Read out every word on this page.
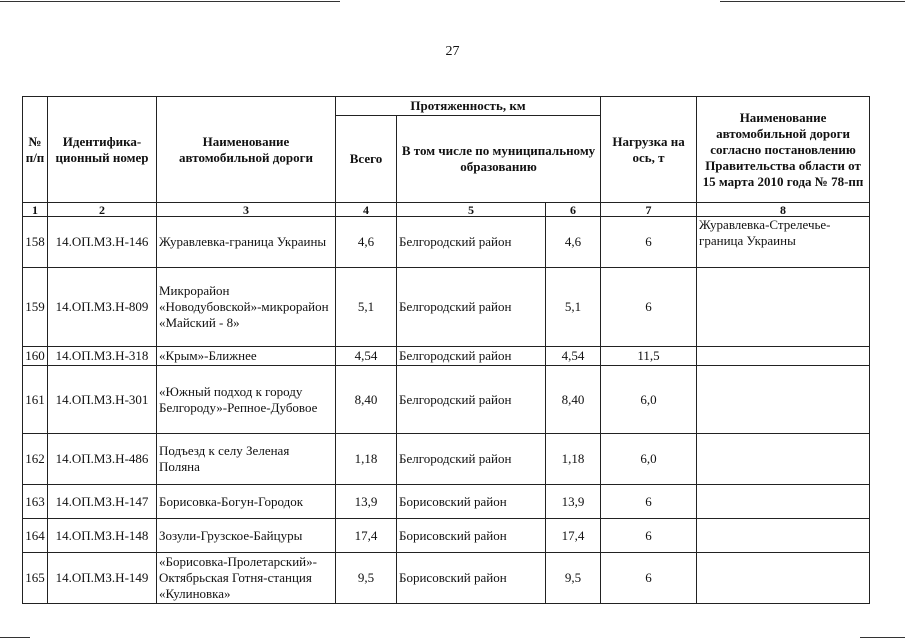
27
№ п/п	Идентифика-ционный номер	Наименование автомобильной дороги	Протяженность, км			Нагрузка на ось, т	Наименование автомобильной дороги согласно постановлению Правительства области от 15 марта 2010 года № 78-пп
			Всего	В том числе по муниципальному образованию			
1	2	3	4	5	6	7	8
158	14.ОП.МЗ.Н-146	Журавлевка-граница Украины	4,6	Белгородский район	4,6	6	Журавлевка-Стрелечье-граница Украины
159	14.ОП.МЗ.Н-809	Микрорайон «Новодубовской»-микрорайон «Майский - 8»	5,1	Белгородский район	5,1	6	
160	14.ОП.МЗ.Н-318	«Крым»-Ближнее	4,54	Белгородский район	4,54	11,5	
161	14.ОП.МЗ.Н-301	«Южный подход к городу Белгороду»-Репное-Дубовое	8,40	Белгородский район	8,40	6,0	
162	14.ОП.МЗ.Н-486	Подъезд к селу Зеленая Поляна	1,18	Белгородский район	1,18	6,0	
163	14.ОП.МЗ.Н-147	Борисовка-Богун-Городок	13,9	Борисовский район	13,9	6	
164	14.ОП.МЗ.Н-148	Зозули-Грузское-Байцуры	17,4	Борисовский район	17,4	6	
165	14.ОП.МЗ.Н-149	«Борисовка-Пролетарский»-Октябрьская Готня-станция «Кулиновка»	9,5	Борисовский район	9,5	6	
